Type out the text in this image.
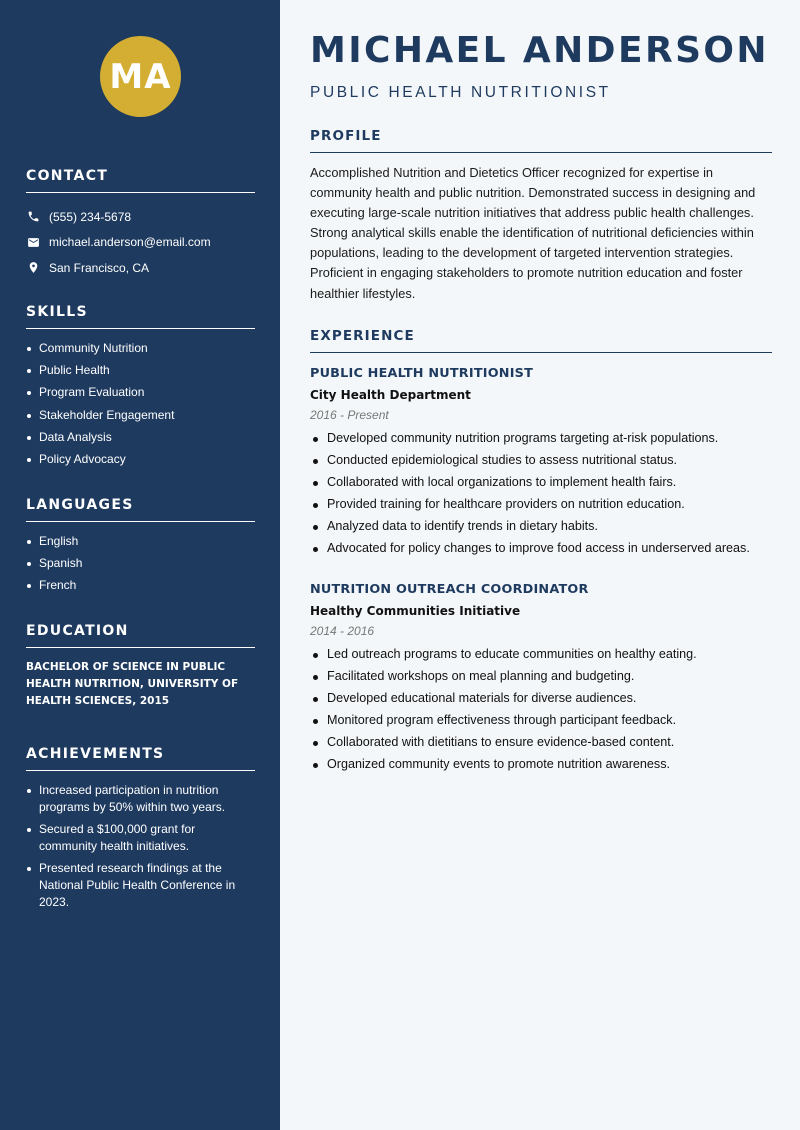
MA
CONTACT
(555) 234-5678
michael.anderson@email.com
San Francisco, CA
SKILLS
Community Nutrition
Public Health
Program Evaluation
Stakeholder Engagement
Data Analysis
Policy Advocacy
LANGUAGES
English
Spanish
French
EDUCATION
BACHELOR OF SCIENCE IN PUBLIC HEALTH NUTRITION, UNIVERSITY OF HEALTH SCIENCES, 2015
ACHIEVEMENTS
Increased participation in nutrition programs by 50% within two years.
Secured a $100,000 grant for community health initiatives.
Presented research findings at the National Public Health Conference in 2023.
MICHAEL ANDERSON
PUBLIC HEALTH NUTRITIONIST
PROFILE
Accomplished Nutrition and Dietetics Officer recognized for expertise in community health and public nutrition. Demonstrated success in designing and executing large-scale nutrition initiatives that address public health challenges. Strong analytical skills enable the identification of nutritional deficiencies within populations, leading to the development of targeted intervention strategies. Proficient in engaging stakeholders to promote nutrition education and foster healthier lifestyles.
EXPERIENCE
PUBLIC HEALTH NUTRITIONIST
City Health Department
2016 - Present
Developed community nutrition programs targeting at-risk populations.
Conducted epidemiological studies to assess nutritional status.
Collaborated with local organizations to implement health fairs.
Provided training for healthcare providers on nutrition education.
Analyzed data to identify trends in dietary habits.
Advocated for policy changes to improve food access in underserved areas.
NUTRITION OUTREACH COORDINATOR
Healthy Communities Initiative
2014 - 2016
Led outreach programs to educate communities on healthy eating.
Facilitated workshops on meal planning and budgeting.
Developed educational materials for diverse audiences.
Monitored program effectiveness through participant feedback.
Collaborated with dietitians to ensure evidence-based content.
Organized community events to promote nutrition awareness.
